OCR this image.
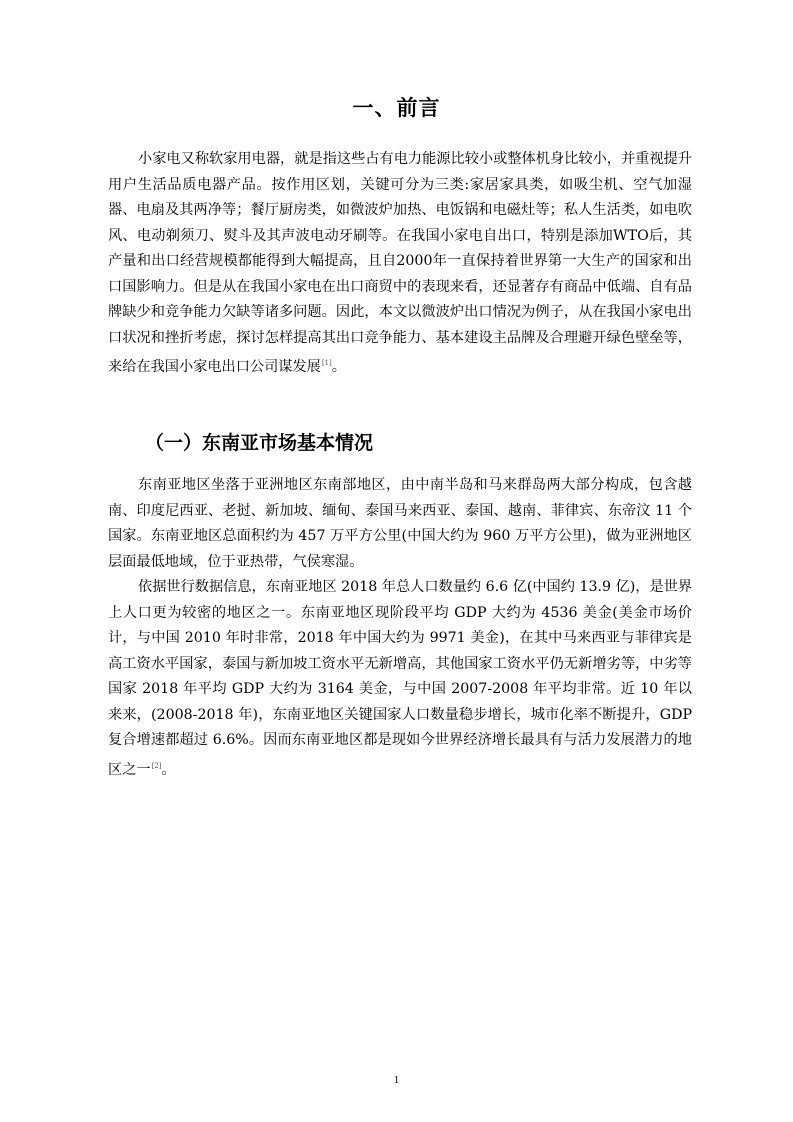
一、前言

小家电又称软家用电器，就是指这些占有电力能源比较小或整体机身比较小，并重视提升用户生活品质电器产品。按作用区划，关键可分为三类:家居家具类，如吸尘机、空气加湿器、电扇及其两净等；餐厅厨房类，如微波炉加热、电饭锅和电磁灶等；私人生活类，如电吹风、电动剃须刀、熨斗及其声波电动牙刷等。在我国小家电自出口，特别是添加WTO后，其产量和出口经营规模都能得到大幅提高，且自2000年一直保持着世界第一大生产的国家和出口国影响力。但是从在我国小家电在出口商贸中的表现来看，还显著存有商品中低端、自有品牌缺少和竞争能力欠缺等诸多问题。因此，本文以微波炉出口情况为例子，从在我国小家电出口状况和挫折考虑，探讨怎样提高其出口竞争能力、基本建设主品牌及合理避开绿色壁垒等，来给在我国小家电出口公司谋发展[1]。

（一）东南亚市场基本情况

东南亚地区坐落于亚洲地区东南部地区，由中南半岛和马来群岛两大部分构成，包含越南、印度尼西亚、老挝、新加坡、缅甸、泰国马来西亚、泰国、越南、菲律宾、东帝汶 11 个国家。东南亚地区总面积约为 457 万平方公里(中国大约为 960 万平方公里)，做为亚洲地区层面最低地域，位于亚热带，气侯寒湿。

依据世行数据信息，东南亚地区 2018 年总人口数量约 6.6 亿(中国约 13.9 亿)，是世界上人口更为较密的地区之一。东南亚地区现阶段平均 GDP 大约为 4536 美金(美金市场价计，与中国 2010 年时非常，2018 年中国大约为 9971 美金)，在其中马来西亚与菲律宾是高工资水平国家，泰国与新加坡工资水平无新增高，其他国家工资水平仍无新增劣等，中劣等国家 2018 年平均 GDP 大约为 3164 美金，与中国 2007-2008 年平均非常。近 10 年以来来，(2008-2018 年)，东南亚地区关键国家人口数量稳步增长，城市化率不断提升，GDP 复合增速都超过 6.6%。因而东南亚地区都是现如今世界经济增长最具有与活力发展潜力的地区之一[2]。

1
